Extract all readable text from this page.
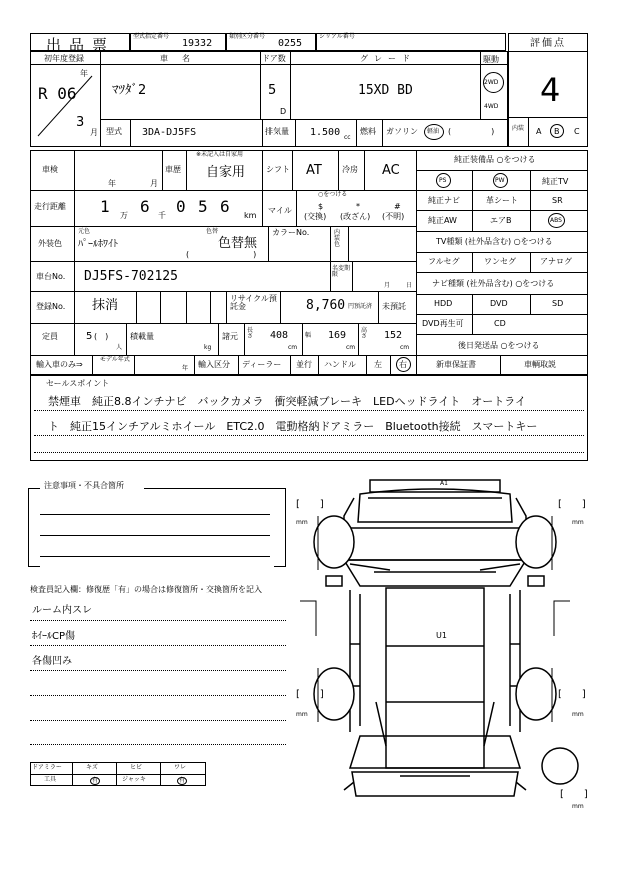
出品票	型式指定番号
19332
類別区分番号
0255
シリアル番号
評価点
4
初年度登録
年
R 06
3
月
車名
ﾏﾂﾀﾞ2
ドア数
5
D
グレード
15XD BD
駆動
2WD
4WD
型式 3DA-DJ5FS	排気量 1.500 cc
燃料 ガソリン 軽油 (　　　　　)	内装 A B C
車検
年	月
車歴
※未記入は自家用
自家用	シフト AT	冷房 AC
走行距離 1 万 6 千 0 5 6 km
マイル
○をつける
$
(交換)
*
(改ざん)
#
(不明)
外装色
元色
ﾊﾟｰﾙﾎﾜｲﾄ
色替
色替無
(　　　　　　　　)
カラーNo.	内装色
車台No. DJ5FS-702125
名変期限
月	日
登録No. 抹消	リサイクル預託金	8,760 円預託済 未預託
定員	5 (　)
人
積載量
kg
諸元
長さ 408
cm
幅 169
cm
高さ 152
cm
輸入車のみ⇒
モデル年式
年 輸入区分 ディーラー 並行 ハンドル 左 右
純正装備品 ○をつける
PS	PW	純正TV
純正ナビ	革シート	SR
純正AW	エアB	ABS
TV種類 (社外品含む) ○をつける
フルセグ	ワンセグ	アナログ
ナビ種類 (社外品含む) ○をつける
HDD	DVD	SD
DVD再生可	CD
後日発送品 ○をつける
新車保証書	車輌取説
セールスポイント
禁煙車　純正8.8インチナビ　バックカメラ　衝突軽減ブレーキ　LEDヘッドライト　オートライ
ト　純正15インチアルミホイール　ETC2.0　電動格納ドアミラー　Bluetooth接続　スマートキー
注意事項・不具合箇所
検査員記入欄：修復歴「有」の場合は修復箇所・交換箇所を記入
ルーム内スレ
ﾎｲｰﾙCP傷
各傷凹み
ドアミラー	キズ	ヒビ	ワレ
工具	有	ジャッキ	有
A1
U1
[　　]
mm
[　　]
mm
[　　]
mm
[　　]
mm
[　　]
mm
